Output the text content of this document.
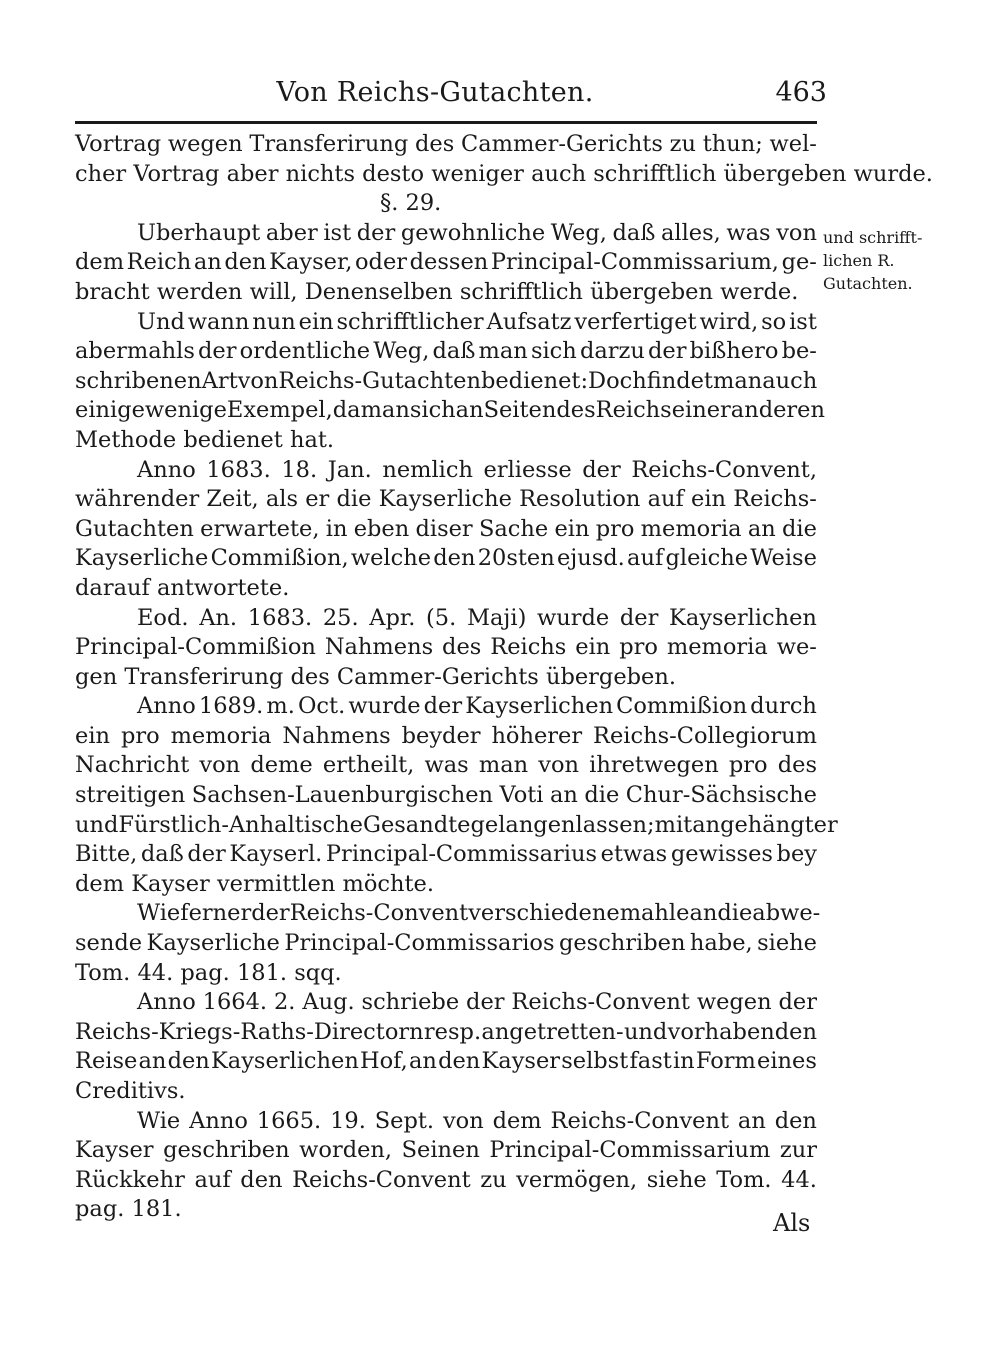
Von Reichs-Gutachten.	463
Vortrag wegen Transferirung des Cammer-Gerichts zu thun; wel-
cher Vortrag aber nichts desto weniger auch schrifftlich übergeben wurde.
§. 29.
Uberhaupt aber ist der gewohnliche Weg, daß alles, was von
dem Reich an den Kayser, oder dessen Principal-Commissarium, ge-
bracht werden will, Denenselben schrifftlich übergeben werde.
Und wann nun ein schrifftlicher Aufsatz verfertiget wird, so ist
abermahls der ordentliche Weg, daß man sich darzu der bißhero be-
schribenen Art von Reichs-Gutachten bedienet: Doch findet man auch
einige wenige Exempel, da man sich an Seiten des Reichs einer anderen
Methode bedienet hat.
Anno 1683. 18. Jan. nemlich erliesse der Reichs-Convent,
währender Zeit, als er die Kayserliche Resolution auf ein Reichs-
Gutachten erwartete, in eben diser Sache ein pro memoria an die
Kayserliche Commißion, welche den 20sten ejusd. auf gleiche Weise
darauf antwortete.
Eod. An. 1683. 25. Apr. (5. Maji) wurde der Kayserlichen
Principal-Commißion Nahmens des Reichs ein pro memoria we-
gen Transferirung des Cammer-Gerichts übergeben.
Anno 1689. m. Oct. wurde der Kayserlichen Commißion durch
ein pro memoria Nahmens beyder höherer Reichs-Collegiorum
Nachricht von deme ertheilt, was man von ihretwegen pro des
streitigen Sachsen-Lauenburgischen Voti an die Chur-Sächsische
und Fürstlich-Anhaltische Gesandte gelangen lassen; mit angehängter
Bitte, daß der Kayserl. Principal-Commissarius etwas gewisses bey
dem Kayser vermittlen möchte.
Wie ferner der Reichs-Convent verschiedene mahle an die abwe-
sende Kayserliche Principal-Commissarios geschriben habe, siehe
Tom. 44. pag. 181. sqq.
Anno 1664. 2. Aug. schriebe der Reichs-Convent wegen der
Reichs-Kriegs-Raths-Directorn resp. angetretten- und vorhabenden
Reise an den Kayserlichen Hof, an den Kayser selbst fast in Form eines
Creditivs.
Wie Anno 1665. 19. Sept. von dem Reichs-Convent an den
Kayser geschriben worden, Seinen Principal-Commissarium zur
Rückkehr auf den Reichs-Convent zu vermögen, siehe Tom. 44.
pag. 181.
und schrifft-
lichen R.
Gutachten.
Als
